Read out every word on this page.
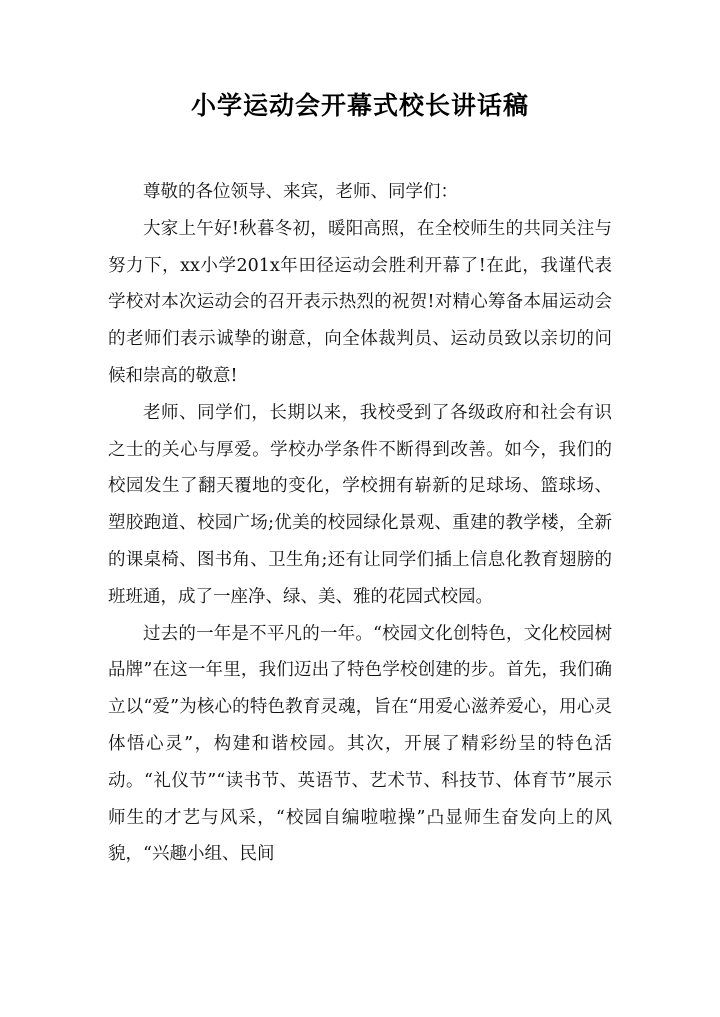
小学运动会开幕式校长讲话稿

尊敬的各位领导、来宾，老师、同学们：

大家上午好!秋暮冬初，暖阳高照，在全校师生的共同关注与努力下，xx小学201x年田径运动会胜利开幕了!在此，我谨代表学校对本次运动会的召开表示热烈的祝贺!对精心筹备本届运动会的老师们表示诚挚的谢意，向全体裁判员、运动员致以亲切的问候和崇高的敬意!

老师、同学们，长期以来，我校受到了各级政府和社会有识之士的关心与厚爱。学校办学条件不断得到改善。如今，我们的校园发生了翻天覆地的变化，学校拥有崭新的足球场、篮球场、塑胶跑道、校园广场;优美的校园绿化景观、重建的教学楼，全新的课桌椅、图书角、卫生角;还有让同学们插上信息化教育翅膀的班班通，成了一座净、绿、美、雅的花园式校园。

过去的一年是不平凡的一年。“校园文化创特色，文化校园树品牌”在这一年里，我们迈出了特色学校创建的步。首先，我们确立以“爱”为核心的特色教育灵魂，旨在“用爱心滋养爱心，用心灵体悟心灵”，构建和谐校园。其次，开展了精彩纷呈的特色活动。“礼仪节”“读书节、英语节、艺术节、科技节、体育节”展示师生的才艺与风采，“校园自编啦啦操”凸显师生奋发向上的风貌，“兴趣小组、民间
